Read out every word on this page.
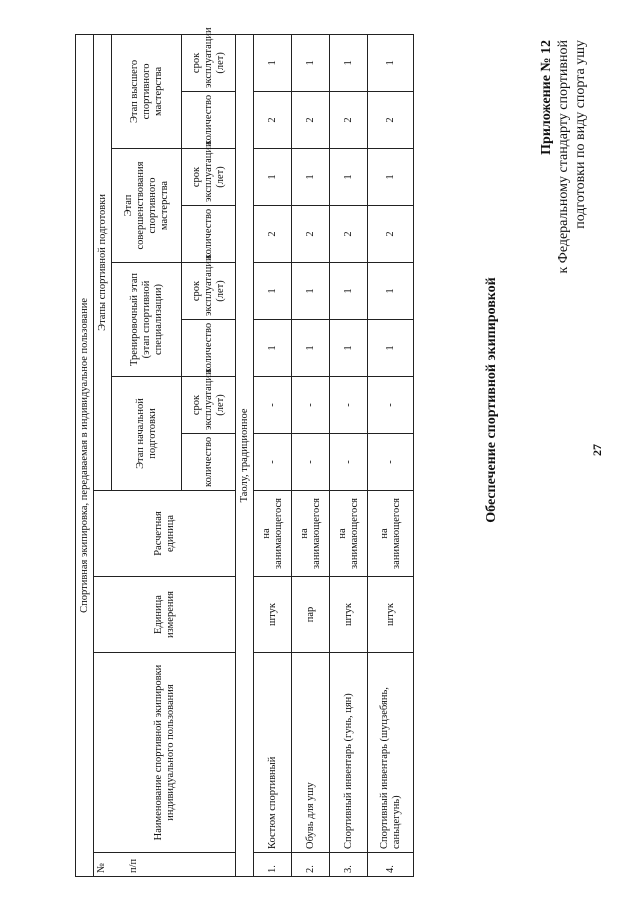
27
Приложение № 12 к Федеральному стандарту спортивной подготовки по виду спорта ушу
Обеспечение спортивной экипировкой
Спортивная экипировка, передаваемая в индивидуальное пользование											

№ п/п	Наименование спортивной экипировки индивидуального пользования	Единица измерения	Расчетная единица	Этапы спортивной подготовки							
				Этап начальной подготовки		Тренировочный этап (этап спортивной специализации)		Этап совершенствования спортивного мастерства		Этап высшего спортивного мастерства	
				количество	срок эксплуатации (лет)	количество	срок эксплуатации (лет)	количество	срок эксплуатации (лет)	количество	срок эксплуатации (лет)
Таолу, традиционное											
1.	Костюм спортивный	штук	на занимающегося	-	-	1	1	2	1	2	1
2.	Обувь для ушу	пар	на занимающегося	-	-	1	1	2	1	2	1
3.	Спортивный инвентарь (гунь, цян)	штук	на занимающегося	-	-	1	1	2	1	2	1
4.	Спортивный инвентарь (шуцзебянь, саньцегунь)	штук	на занимающегося	-	-	1	1	2	1	2	1
